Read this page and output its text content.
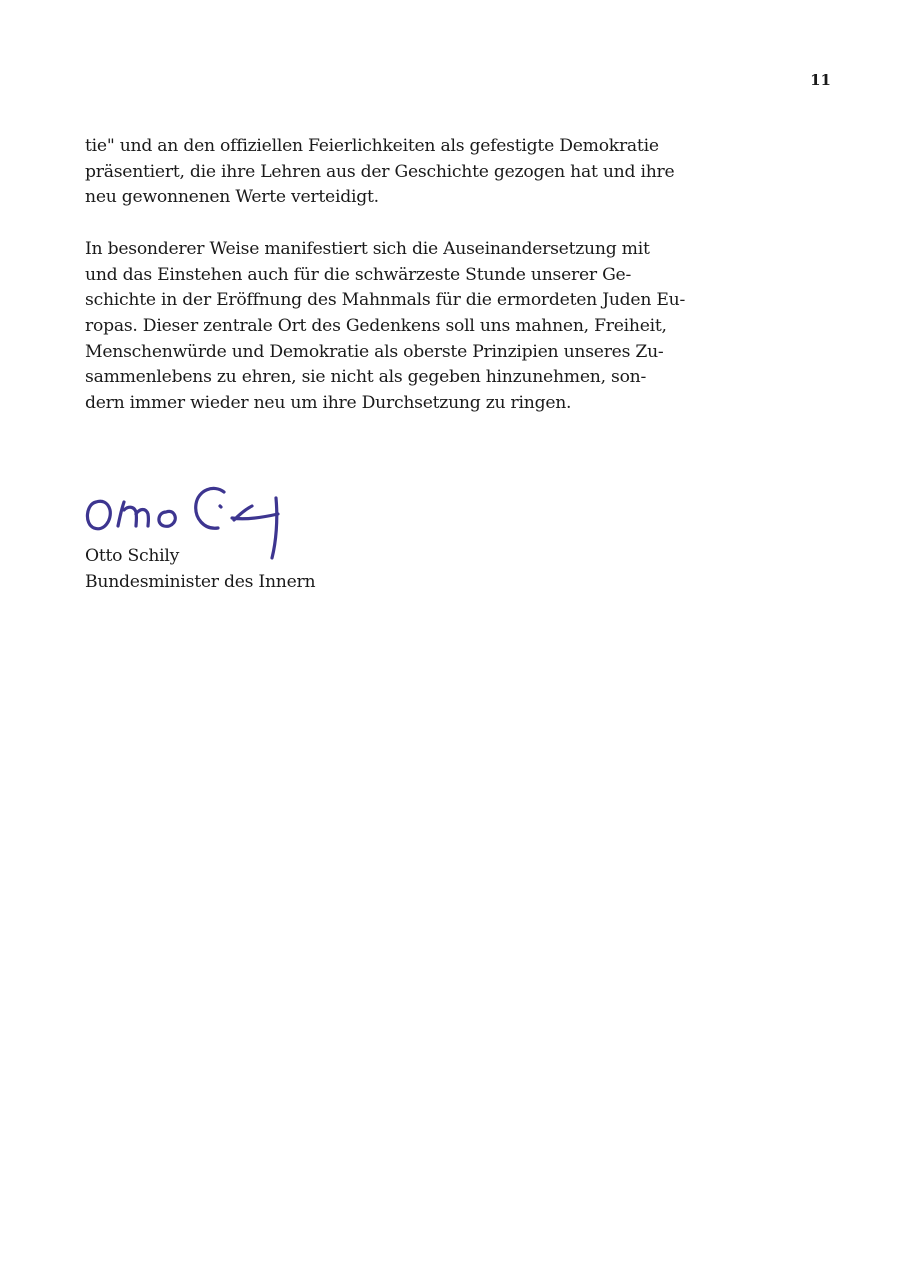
11

tie" und an den offiziellen Feierlichkeiten als gefestigte Demokratie
präsentiert, die ihre Lehren aus der Geschichte gezogen hat und ihre
neu gewonnenen Werte verteidigt.

In besonderer Weise manifestiert sich die Auseinandersetzung mit
und das Einstehen auch für die schwärzeste Stunde unserer Ge-
schichte in der Eröffnung des Mahnmals für die ermordeten Juden Eu-
ropas. Dieser zentrale Ort des Gedenkens soll uns mahnen, Freiheit,
Menschenwürde und Demokratie als oberste Prinzipien unseres Zu-
sammenlebens zu ehren, sie nicht als gegeben hinzunehmen, son-
dern immer wieder neu um ihre Durchsetzung zu ringen.

Otto Schily
Bundesminister des Innern
